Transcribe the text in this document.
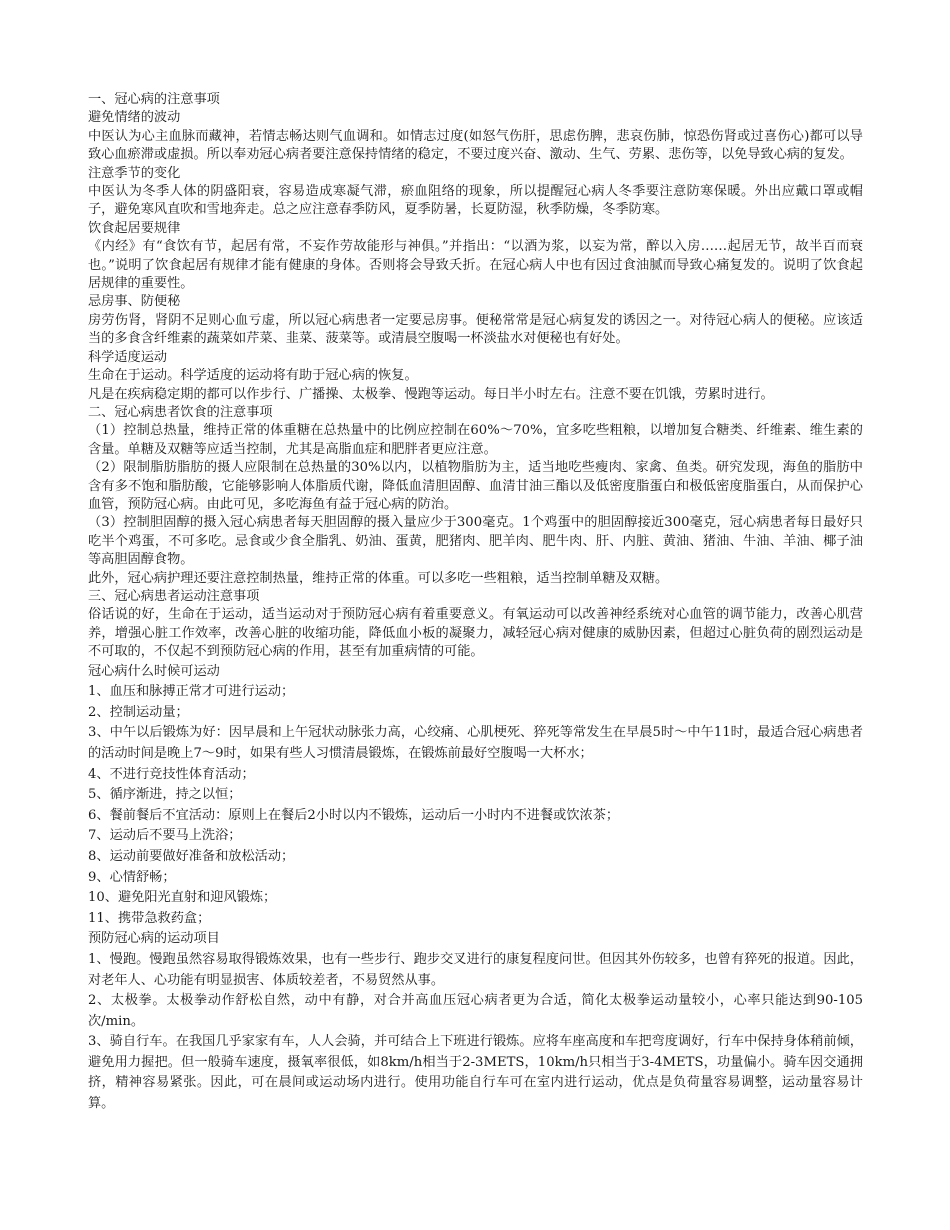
一、冠心病的注意事项

避免情绪的波动

中医认为心主血脉而藏神，若情志畅达则气血调和。如情志过度(如怒气伤肝，思虑伤脾，悲哀伤肺，惊恐伤肾或过喜伤心)都可以导致心血瘀滞或虚损。所以奉劝冠心病者要注意保持情绪的稳定，不要过度兴奋、激动、生气、劳累、悲伤等，以免导致心病的复发。

注意季节的变化

中医认为冬季人体的阴盛阳衰，容易造成寒凝气滞，瘀血阻络的现象，所以提醒冠心病人冬季要注意防寒保暖。外出应戴口罩或帽子，避免寒风直吹和雪地奔走。总之应注意春季防风，夏季防暑，长夏防湿，秋季防燥，冬季防寒。

饮食起居要规律

《内经》有“食饮有节，起居有常，不妄作劳故能形与神俱。”并指出：“以酒为浆，以妄为常，醉以入房……起居无节，故半百而衰也。”说明了饮食起居有规律才能有健康的身体。否则将会导致夭折。在冠心病人中也有因过食油腻而导致心痛复发的。说明了饮食起居规律的重要性。

忌房事、防便秘

房劳伤肾，肾阴不足则心血亏虚，所以冠心病患者一定要忌房事。便秘常常是冠心病复发的诱因之一。对待冠心病人的便秘。应该适当的多食含纤维素的蔬菜如芹菜、韭菜、菠菜等。或清晨空腹喝一杯淡盐水对便秘也有好处。

科学适度运动

生命在于运动。科学适度的运动将有助于冠心病的恢复。

凡是在疾病稳定期的都可以作步行、广播操、太极拳、慢跑等运动。每日半小时左右。注意不要在饥饿，劳累时进行。

二、冠心病患者饮食的注意事项

（1）控制总热量，维持正常的体重糖在总热量中的比例应控制在60%～70%，宜多吃些粗粮，以增加复合糖类、纤维素、维生素的含量。单糖及双糖等应适当控制，尤其是高脂血症和肥胖者更应注意。

（2）限制脂肪脂肪的摄人应限制在总热量的30%以内，以植物脂肪为主，适当地吃些瘦肉、家禽、鱼类。研究发现，海鱼的脂肪中含有多不饱和脂肪酸，它能够影响人体脂质代谢，降低血清胆固醇、血清甘油三酯以及低密度脂蛋白和极低密度脂蛋白，从而保护心血管，预防冠心病。由此可见，多吃海鱼有益于冠心病的防治。

（3）控制胆固醇的摄入冠心病患者每天胆固醇的摄入量应少于300毫克。1个鸡蛋中的胆固醇接近300毫克，冠心病患者每日最好只吃半个鸡蛋，不可多吃。忌食或少食全脂乳、奶油、蛋黄，肥猪肉、肥羊肉、肥牛肉、肝、内脏、黄油、猪油、牛油、羊油、椰子油等高胆固醇食物。

此外，冠心病护理还要注意控制热量，维持正常的体重。可以多吃一些粗粮，适当控制单糖及双糖。

三、冠心病患者运动注意事项

俗话说的好，生命在于运动，适当运动对于预防冠心病有着重要意义。有氧运动可以改善神经系统对心血管的调节能力，改善心肌营养，增强心脏工作效率，改善心脏的收缩功能，降低血小板的凝聚力，减轻冠心病对健康的威胁因素，但超过心脏负荷的剧烈运动是不可取的，不仅起不到预防冠心病的作用，甚至有加重病情的可能。

冠心病什么时候可运动

1、血压和脉搏正常才可进行运动；

2、控制运动量；

3、中午以后锻炼为好：因早晨和上午冠状动脉张力高，心绞痛、心肌梗死、猝死等常发生在早晨5时～中午11时，最适合冠心病患者的活动时间是晚上7～9时，如果有些人习惯清晨锻炼，在锻炼前最好空腹喝一大杯水；

4、不进行竞技性体育活动；

5、循序渐进，持之以恒；

6、餐前餐后不宜活动：原则上在餐后2小时以内不锻炼，运动后一小时内不进餐或饮浓茶；

7、运动后不要马上洗浴；

8、运动前要做好准备和放松活动；

9、心情舒畅；

10、避免阳光直射和迎风锻炼；

11、携带急救药盒；

预防冠心病的运动项目

1、慢跑。慢跑虽然容易取得锻炼效果，也有一些步行、跑步交叉进行的康复程度问世。但因其外伤较多，也曾有猝死的报道。因此，对老年人、心功能有明显损害、体质较差者，不易贸然从事。

2、太极拳。太极拳动作舒松自然，动中有静，对合并高血压冠心病者更为合适，简化太极拳运动量较小，心率只能达到90-105次/min。

3、骑自行车。在我国几乎家家有车，人人会骑，并可结合上下班进行锻炼。应将车座高度和车把弯度调好，行车中保持身体稍前倾，避免用力握把。但一般骑车速度，摄氧率很低，如8km/h相当于2-3METS，10km/h只相当于3-4METS，功量偏小。骑车因交通拥挤，精神容易紧张。因此，可在晨间或运动场内进行。使用功能自行车可在室内进行运动，优点是负荷量容易调整，运动量容易计算。
